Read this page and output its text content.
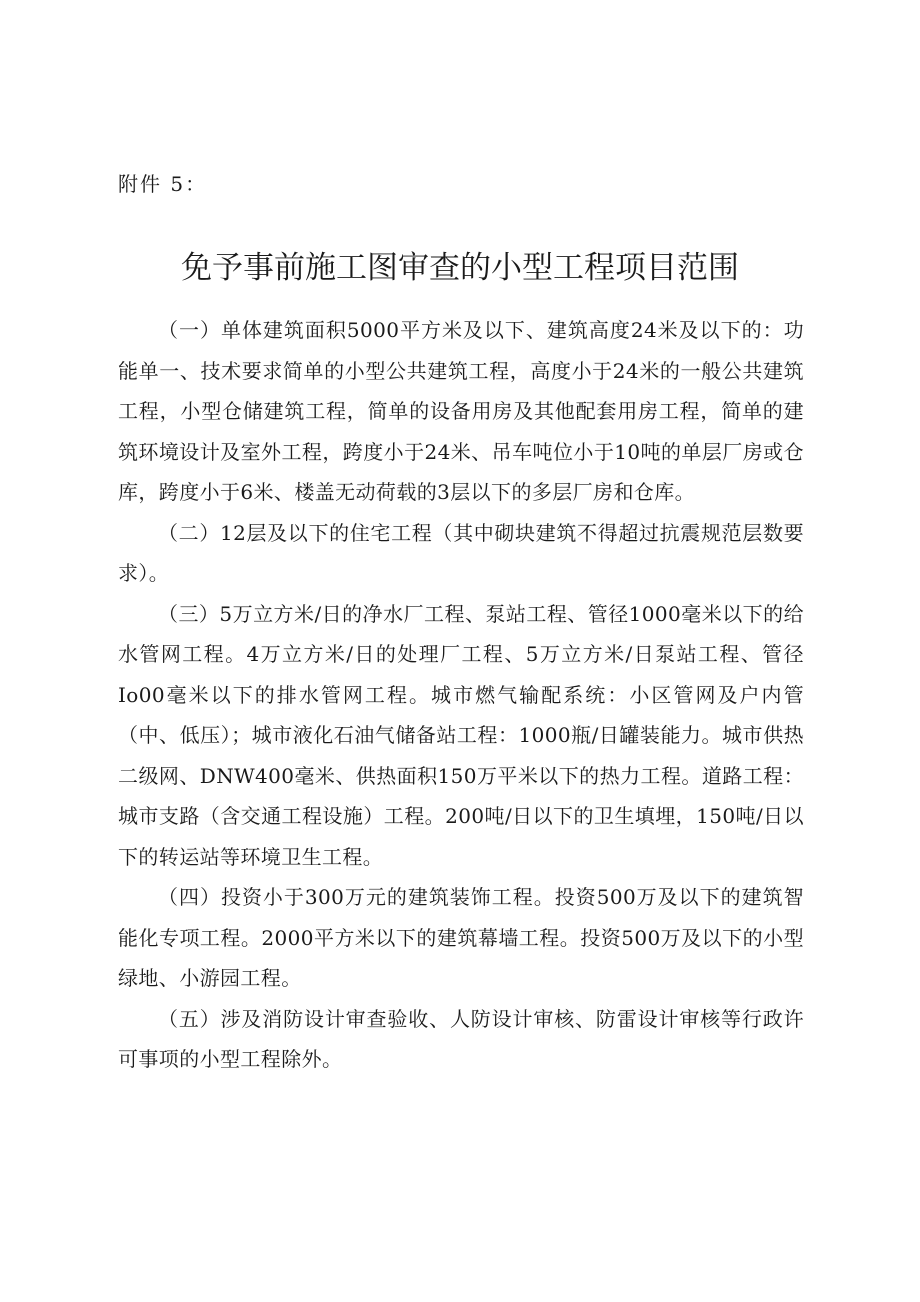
附件 5：
免予事前施工图审查的小型工程项目范围

（一）单体建筑面积5000平方米及以下、建筑高度24米及以下的：功能单一、技术要求简单的小型公共建筑工程，高度小于24米的一般公共建筑工程，小型仓储建筑工程，简单的设备用房及其他配套用房工程，简单的建筑环境设计及室外工程，跨度小于24米、吊车吨位小于10吨的单层厂房或仓库，跨度小于6米、楼盖无动荷载的3层以下的多层厂房和仓库。

（二）12层及以下的住宅工程（其中砌块建筑不得超过抗震规范层数要求）。

（三）5万立方米/日的净水厂工程、泵站工程、管径1000毫米以下的给水管网工程。4万立方米/日的处理厂工程、5万立方米/日泵站工程、管径Io00毫米以下的排水管网工程。城市燃气输配系统：小区管网及户内管（中、低压）；城市液化石油气储备站工程：1000瓶/日罐装能力。城市供热二级网、DNW400毫米、供热面积150万平米以下的热力工程。道路工程：城市支路（含交通工程设施）工程。200吨/日以下的卫生填埋，150吨/日以下的转运站等环境卫生工程。

（四）投资小于300万元的建筑装饰工程。投资500万及以下的建筑智能化专项工程。2000平方米以下的建筑幕墙工程。投资500万及以下的小型绿地、小游园工程。

（五）涉及消防设计审查验收、人防设计审核、防雷设计审核等行政许可事项的小型工程除外。
